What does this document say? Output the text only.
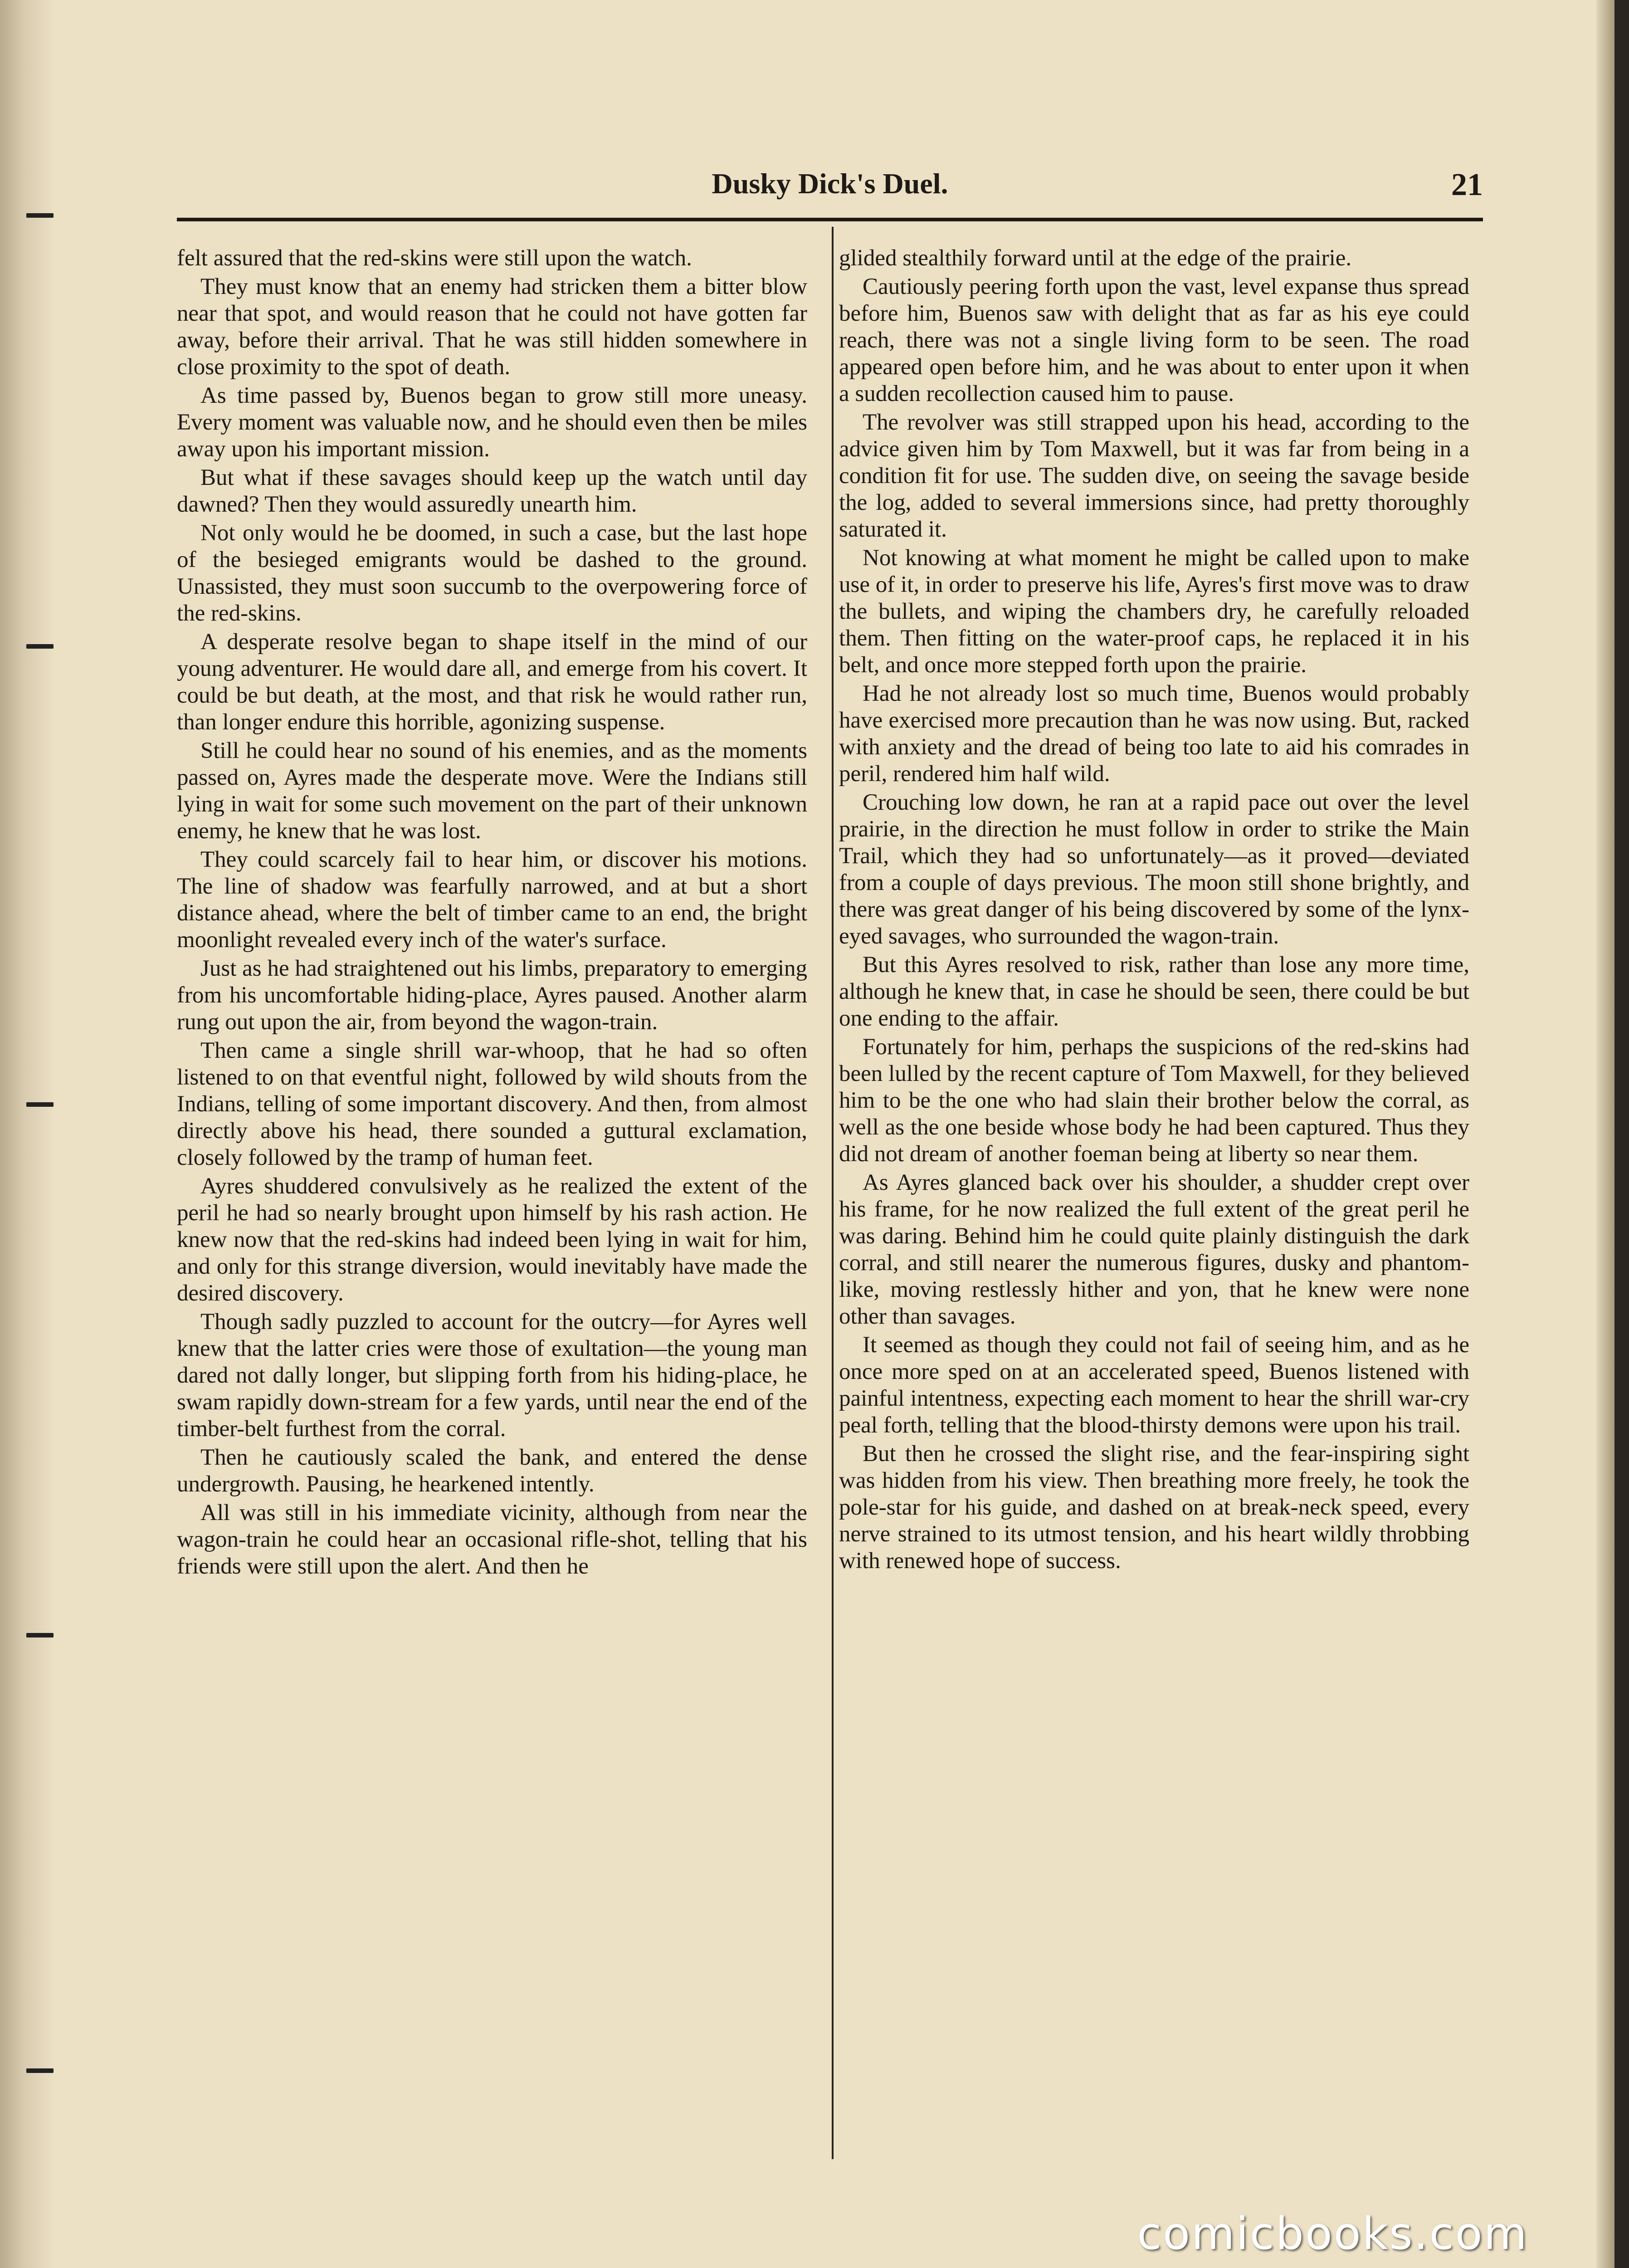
Dusky Dick's Duel.	21

felt assured that the red-skins were still upon the watch.

They must know that an enemy had stricken them a bitter blow near that spot, and would reason that he could not have gotten far away, before their arrival. That he was still hidden somewhere in close proximity to the spot of death.

As time passed by, Buenos began to grow still more uneasy. Every moment was valuable now, and he should even then be miles away upon his important mission.

But what if these savages should keep up the watch until day dawned? Then they would assuredly unearth him.

Not only would he be doomed, in such a case, but the last hope of the besieged emigrants would be dashed to the ground. Unassisted, they must soon succumb to the overpowering force of the red-skins.

A desperate resolve began to shape itself in the mind of our young adventurer. He would dare all, and emerge from his covert. It could be but death, at the most, and that risk he would rather run, than longer endure this horrible, agonizing suspense.

Still he could hear no sound of his enemies, and as the moments passed on, Ayres made the desperate move. Were the Indians still lying in wait for some such movement on the part of their unknown enemy, he knew that he was lost.

They could scarcely fail to hear him, or discover his motions. The line of shadow was fearfully narrowed, and at but a short distance ahead, where the belt of timber came to an end, the bright moonlight revealed every inch of the water's surface.

Just as he had straightened out his limbs, preparatory to emerging from his uncomfortable hiding-place, Ayres paused. Another alarm rung out upon the air, from beyond the wagon-train.

Then came a single shrill war-whoop, that he had so often listened to on that eventful night, followed by wild shouts from the Indians, telling of some important discovery. And then, from almost directly above his head, there sounded a guttural exclamation, closely followed by the tramp of human feet.

Ayres shuddered convulsively as he realized the extent of the peril he had so nearly brought upon himself by his rash action. He knew now that the red-skins had indeed been lying in wait for him, and only for this strange diversion, would inevitably have made the desired discovery.

Though sadly puzzled to account for the outcry—for Ayres well knew that the latter cries were those of exultation—the young man dared not dally longer, but slipping forth from his hiding-place, he swam rapidly down-stream for a few yards, until near the end of the timber-belt furthest from the corral.

Then he cautiously scaled the bank, and entered the dense undergrowth. Pausing, he hearkened intently.

All was still in his immediate vicinity, although from near the wagon-train he could hear an occasional rifle-shot, telling that his friends were still upon the alert. And then he

glided stealthily forward until at the edge of the prairie.

Cautiously peering forth upon the vast, level expanse thus spread before him, Buenos saw with delight that as far as his eye could reach, there was not a single living form to be seen. The road appeared open before him, and he was about to enter upon it when a sudden recollection caused him to pause.

The revolver was still strapped upon his head, according to the advice given him by Tom Maxwell, but it was far from being in a condition fit for use. The sudden dive, on seeing the savage beside the log, added to several immersions since, had pretty thoroughly saturated it.

Not knowing at what moment he might be called upon to make use of it, in order to preserve his life, Ayres's first move was to draw the bullets, and wiping the chambers dry, he carefully reloaded them. Then fitting on the water-proof caps, he replaced it in his belt, and once more stepped forth upon the prairie.

Had he not already lost so much time, Buenos would probably have exercised more precaution than he was now using. But, racked with anxiety and the dread of being too late to aid his comrades in peril, rendered him half wild.

Crouching low down, he ran at a rapid pace out over the level prairie, in the direction he must follow in order to strike the Main Trail, which they had so unfortunately—as it proved—deviated from a couple of days previous. The moon still shone brightly, and there was great danger of his being discovered by some of the lynx-eyed savages, who surrounded the wagon-train.

But this Ayres resolved to risk, rather than lose any more time, although he knew that, in case he should be seen, there could be but one ending to the affair.

Fortunately for him, perhaps the suspicions of the red-skins had been lulled by the recent capture of Tom Maxwell, for they believed him to be the one who had slain their brother below the corral, as well as the one beside whose body he had been captured. Thus they did not dream of another foeman being at liberty so near them.

As Ayres glanced back over his shoulder, a shudder crept over his frame, for he now realized the full extent of the great peril he was daring. Behind him he could quite plainly distinguish the dark corral, and still nearer the numerous figures, dusky and phantom-like, moving restlessly hither and yon, that he knew were none other than savages.

It seemed as though they could not fail of seeing him, and as he once more sped on at an accelerated speed, Buenos listened with painful intentness, expecting each moment to hear the shrill war-cry peal forth, telling that the blood-thirsty demons were upon his trail.

But then he crossed the slight rise, and the fear-inspiring sight was hidden from his view. Then breathing more freely, he took the pole-star for his guide, and dashed on at break-neck speed, every nerve strained to its utmost tension, and his heart wildly throbbing with renewed hope of success.

comicbooks.com
